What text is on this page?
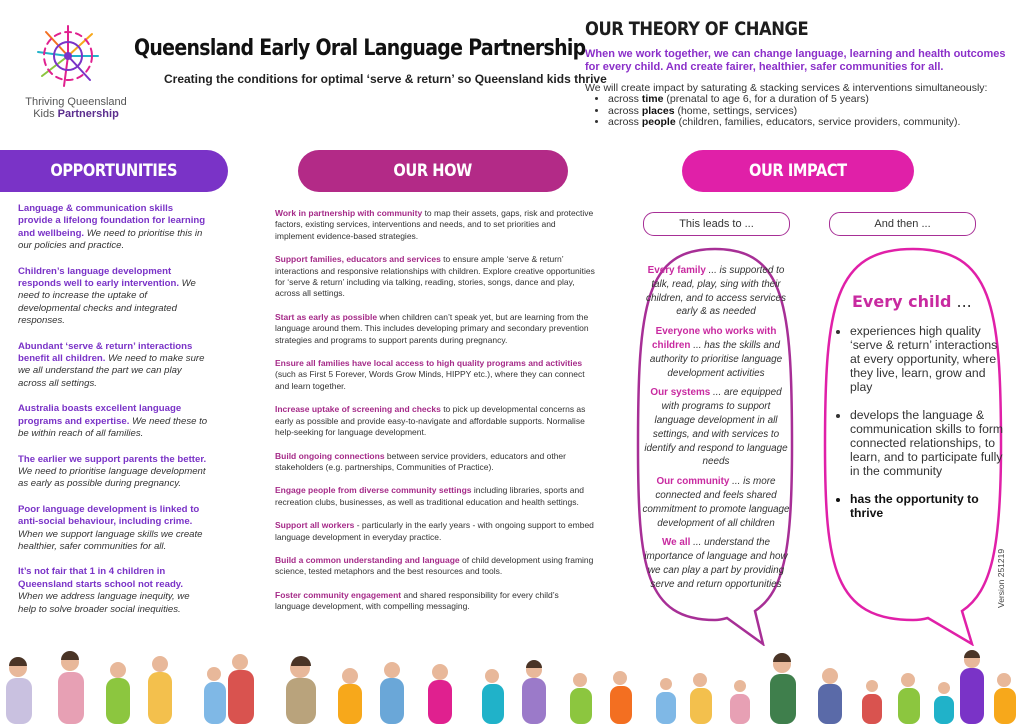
Thriving Queensland
Kids Partnership
Queensland Early Oral Language Partnership
Creating the conditions for optimal ‘serve & return’ so Queensland kids thrive
OUR THEORY OF CHANGE
When we work together, we can change language, learning and health outcomes for every child. And create fairer, healthier, safer communities for all.
We will create impact by saturating & stacking services & interventions simultaneously:
• across time (prenatal to age 6, for a duration of 5 years)
• across places (home, settings, services)
• across people (children, families, educators, service providers, community).
OPPORTUNITIES	OUR HOW	OUR IMPACT

Language & communication skills provide a lifelong foundation for learning and wellbeing. We need to prioritise this in our policies and practice.

Children’s language development responds well to early intervention. We need to increase the uptake of developmental checks and integrated responses.

Abundant ‘serve & return’ interactions benefit all children. We need to make sure we all understand the part we can play across all settings.

Australia boasts excellent language programs and expertise. We need these to be within reach of all families.

The earlier we support parents the better. We need to prioritise language development as early as possible during pregnancy.

Poor language development is linked to anti-social behaviour, including crime. When we support language skills we create healthier, safer communities for all.

It’s not fair that 1 in 4 children in Queensland starts school not ready. When we address language inequity, we help to solve broader social inequities.

Work in partnership with community to map their assets, gaps, risk and protective factors, existing services, interventions and needs, and to set priorities and implement evidence-based strategies.

Support families, educators and services to ensure ample ‘serve & return’ interactions and responsive relationships with children. Explore creative opportunities for ‘serve & return’ including via talking, reading, stories, songs, dance and play, across all settings.

Start as early as possible when children can’t speak yet, but are learning from the language around them. This includes developing primary and secondary prevention strategies and programs to support parents during pregnancy.

Ensure all families have local access to high quality programs and activities (such as First 5 Forever, Words Grow Minds, HIPPY etc.), where they can connect and learn together.

Increase uptake of screening and checks to pick up developmental concerns as early as possible and provide easy-to-navigate and affordable supports. Normalise help-seeking for language development.

Build ongoing connections between service providers, educators and other stakeholders (e.g. partnerships, Communities of Practice).

Engage people from diverse community settings including libraries, sports and recreation clubs, businesses, as well as traditional education and health settings.

Support all workers - particularly in the early years - with ongoing support to embed language development in everyday practice.

Build a common understanding and language of child development using framing science, tested metaphors and the best resources and tools.

Foster community engagement and shared responsibility for every child’s language development, with compelling messaging.

This leads to ...	And then ...

Every family ... is supported to talk, read, play, sing with their children, and to access services early & as needed

Everyone who works with children ... has the skills and authority to prioritise language development activities

Our systems ... are equipped with programs to support language development in all settings, and with services to identify and respond to language needs

Our community ... is more connected and feels shared commitment to promote language development of all children

We all ... understand the importance of language and how we can play a part by providing serve and return opportunities

Every child ...
• experiences high quality ‘serve & return’ interactions at every opportunity, where they live, learn, grow and play
• develops the language & communication skills to form connected relationships, to learn, and to participate fully in the community
• has the opportunity to thrive
Version 251219
